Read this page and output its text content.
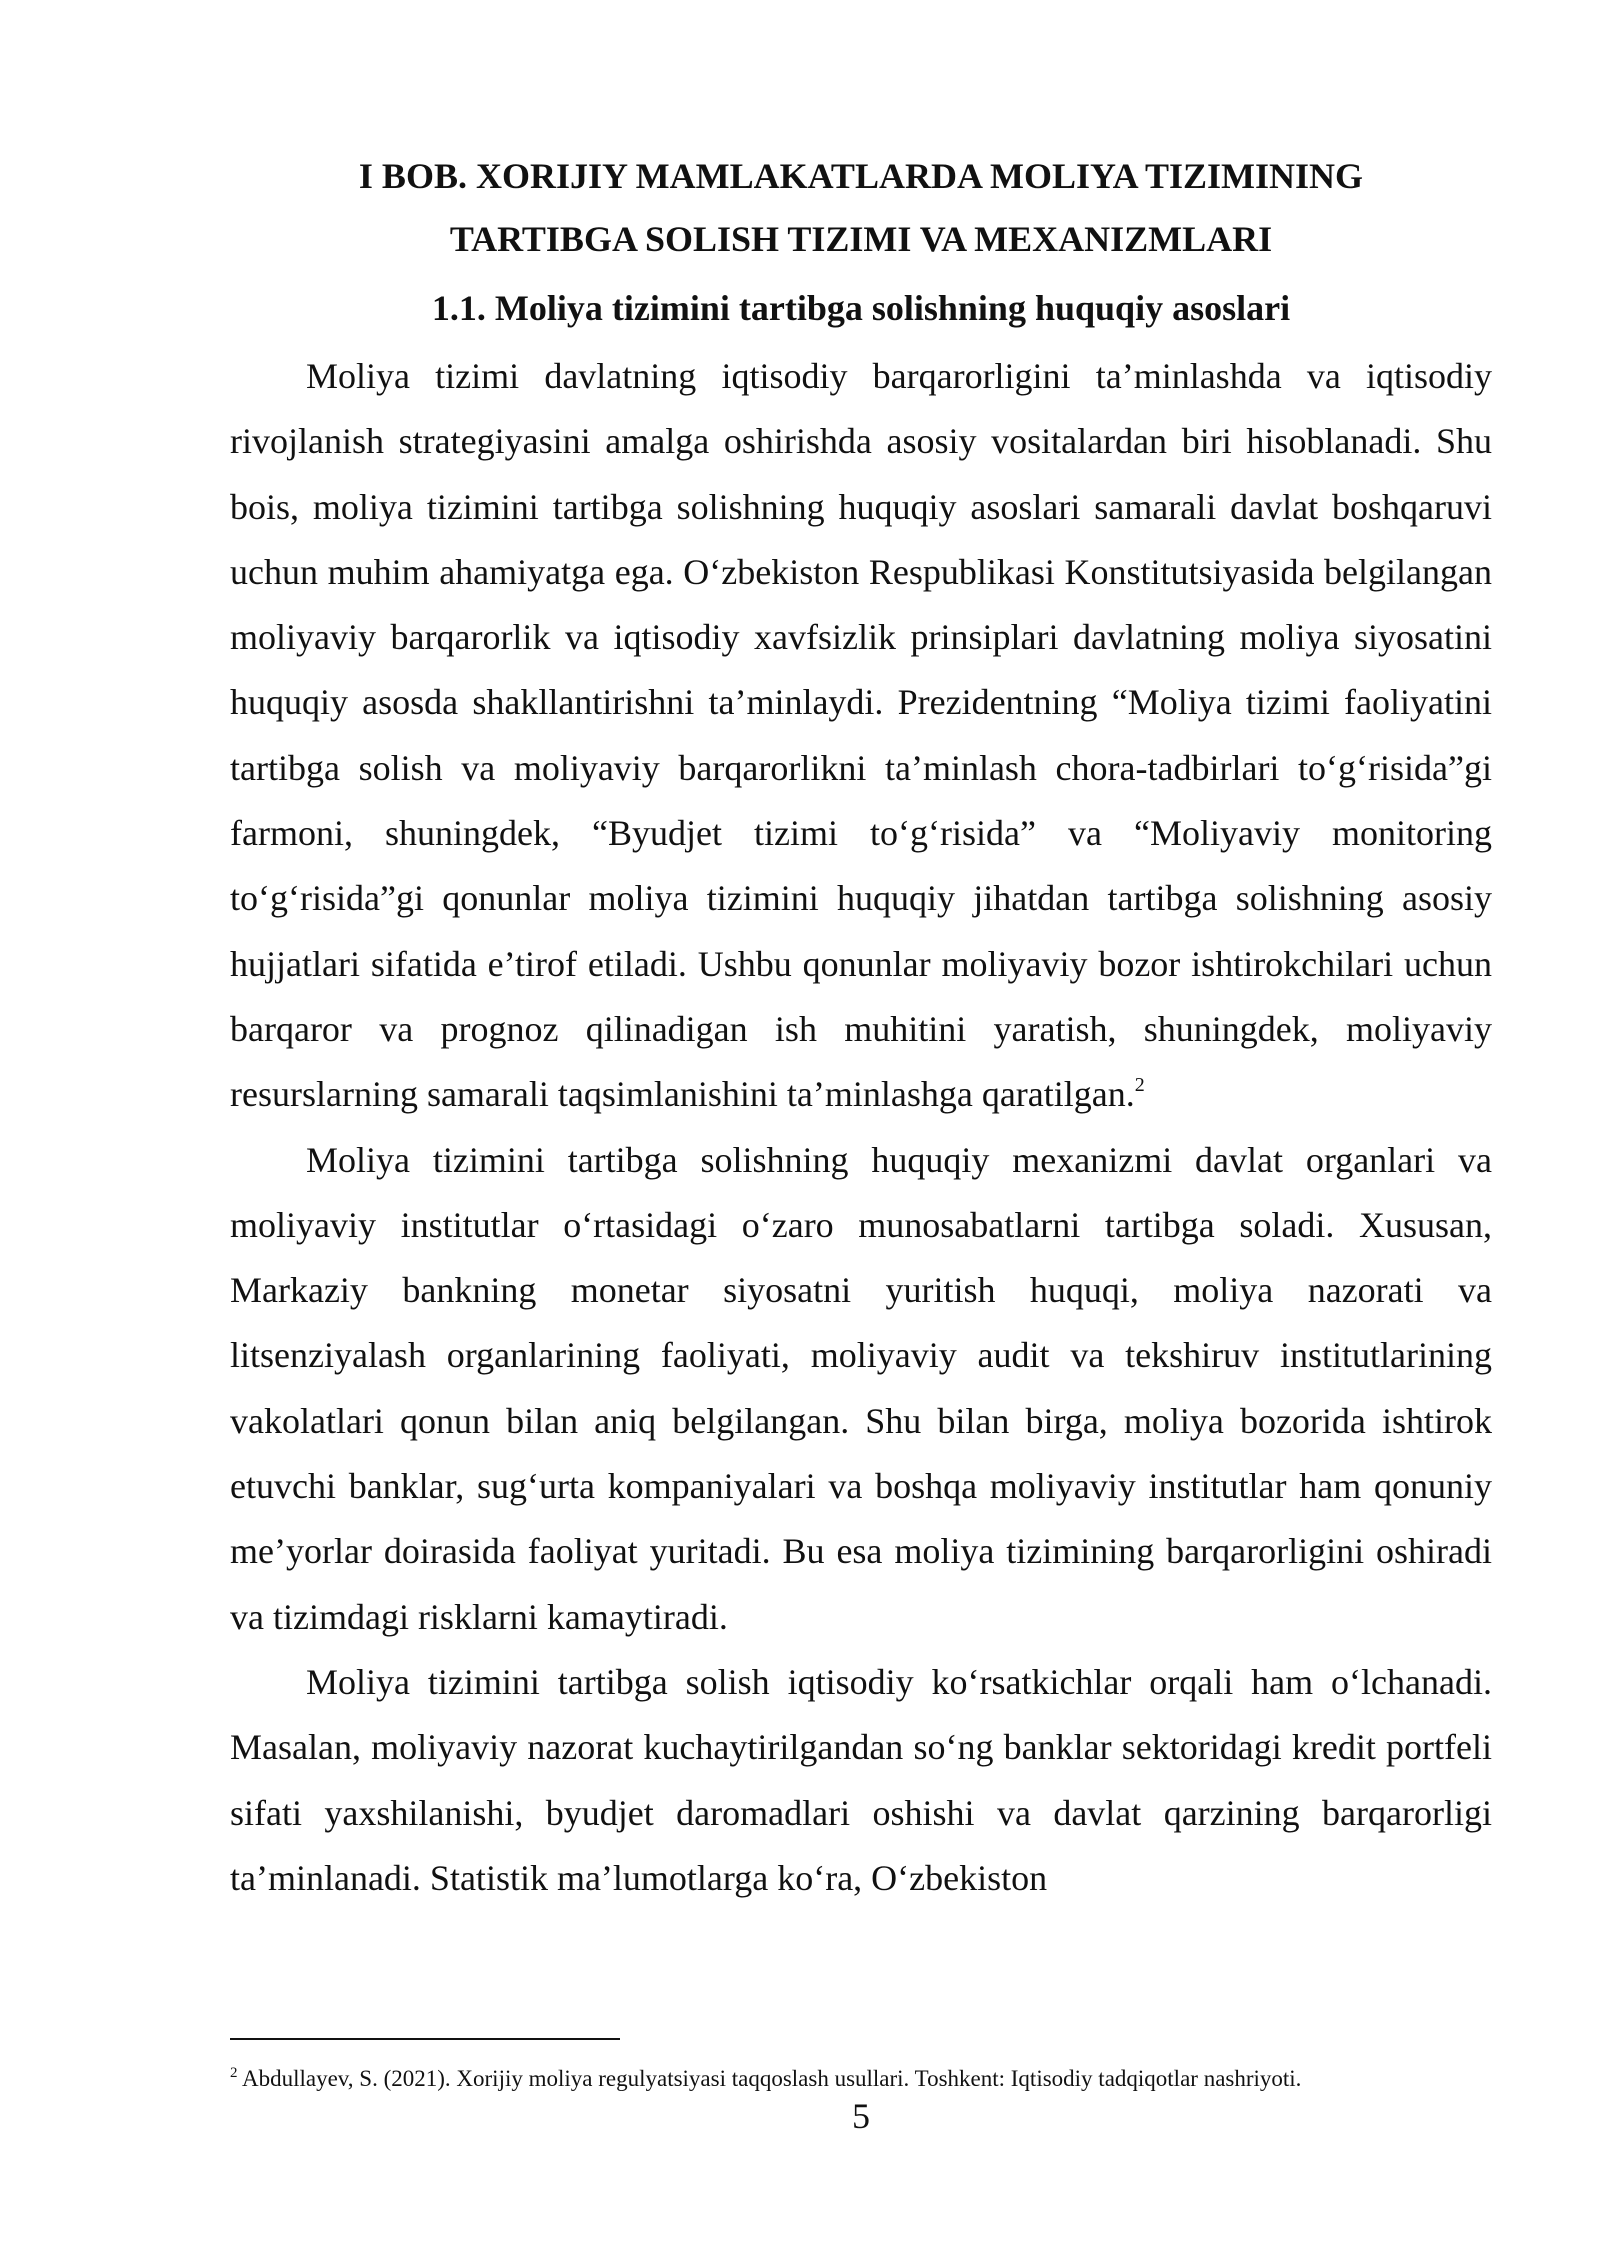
I BOB. XORIJIY MAMLAKATLARDA MOLIYA TIZIMINING
TARTIBGA SOLISH TIZIMI VA MEXANIZMLARI
1.1. Moliya tizimini tartibga solishning huquqiy asoslari

Moliya tizimi davlatning iqtisodiy barqarorligini ta’minlashda va iqtisodiy rivojlanish strategiyasini amalga oshirishda asosiy vositalardan biri hisoblanadi. Shu bois, moliya tizimini tartibga solishning huquqiy asoslari samarali davlat boshqaruvi uchun muhim ahamiyatga ega. O‘zbekiston Respublikasi Konstitutsiyasida belgilangan moliyaviy barqarorlik va iqtisodiy xavfsizlik prinsiplari davlatning moliya siyosatini huquqiy asosda shakllantirishni ta’minlaydi. Prezidentning “Moliya tizimi faoliyatini tartibga solish va moliyaviy barqarorlikni ta’minlash chora-tadbirlari to‘g‘risida”gi farmoni, shuningdek, “Byudjet tizimi to‘g‘risida” va “Moliyaviy monitoring to‘g‘risida”gi qonunlar moliya tizimini huquqiy jihatdan tartibga solishning asosiy hujjatlari sifatida e’tirof etiladi. Ushbu qonunlar moliyaviy bozor ishtirokchilari uchun barqaror va prognoz qilinadigan ish muhitini yaratish, shuningdek, moliyaviy resurslarning samarali taqsimlanishini ta’minlashga qaratilgan.$^2$

Moliya tizimini tartibga solishning huquqiy mexanizmi davlat organlari va moliyaviy institutlar o‘rtasidagi o‘zaro munosabatlarni tartibga soladi. Xususan, Markaziy bankning monetar siyosatni yuritish huquqi, moliya nazorati va litsenziyalash organlarining faoliyati, moliyaviy audit va tekshiruv institutlarining vakolatlari qonun bilan aniq belgilangan. Shu bilan birga, moliya bozorida ishtirok etuvchi banklar, sug‘urta kompaniyalari va boshqa moliyaviy institutlar ham qonuniy me’yorlar doirasida faoliyat yuritadi. Bu esa moliya tizimining barqarorligini oshiradi va tizimdagi risklarni kamaytiradi.

Moliya tizimini tartibga solish iqtisodiy ko‘rsatkichlar orqali ham o‘lchanadi. Masalan, moliyaviy nazorat kuchaytirilgandan so‘ng banklar sektoridagi kredit portfeli sifati yaxshilanishi, byudjet daromadlari oshishi va davlat qarzining barqarorligi ta’minlanadi. Statistik ma’lumotlarga ko‘ra, O‘zbekiston

$^2$ Abdullayev, S. (2021). Xorijiy moliya regulyatsiyasi taqqoslash usullari. Toshkent: Iqtisodiy tadqiqotlar nashriyoti.
5
